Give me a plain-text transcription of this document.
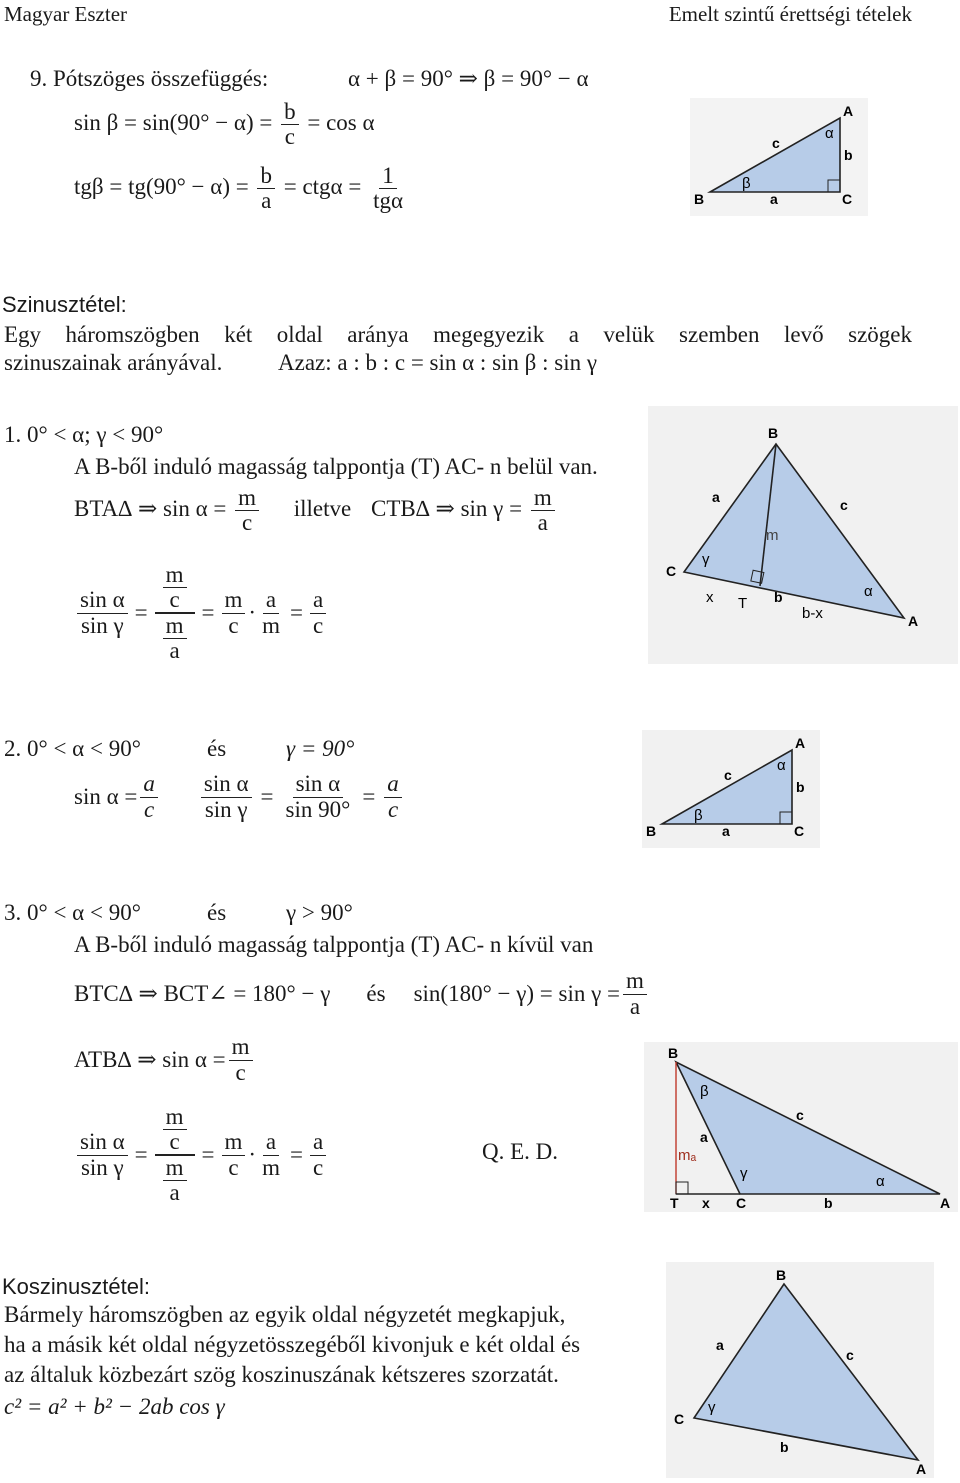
Magyar Eszter	Emelt szintű érettségi tételek
9. Pótszöges összefüggés:	α + β = 90° ⇒ β = 90° − α
$\sin \beta = \sin(90^\circ - \alpha) = \frac{b}{c} = \cos \alpha$
$tg\beta = tg(90^\circ - \alpha) = \frac{b}{a} = ctg\alpha = \frac{1}{\text{tgα}}$	B	a	C
A
b
c
α
β
Szinusztétel:
Egy háromszögben két oldal aránya megegyezik a velük szemben levő szögek
szinuszainak arányával. Azaz: a : b : c = sin α : sin β : sin γ
1. 0° < α; γ < 90°
A B-ből induló magasság talppontja (T) AC- n belül van.
BTA∆ ⇒ $\sin \alpha = \frac{m}{c}$ illetve CTB∆ ⇒ $\sin \gamma = \frac{m}{a}$
$\frac{\text{sin α}}{\text{sin γ}} = \frac{\frac{m}{c}}{\frac{m}{a}} = \frac{m}{c} \cdot \frac{a}{m} = \frac{a}{c}$
B
C
A
a	c
m
γ
α
x T b
b-x
2. 0° < α < 90°	és	γ = 90°
$\sin \alpha = \frac{a}{c} \frac{\text{sin α}}{\text{sin γ}} = \frac{\text{sin α}}{\sin 90^\circ} = \frac{a}{c}$
B	a	C
A
b
c
α
β
3. 0° < α < 90°	és	γ > 90°
A B-ből induló magasság talppontja (T) AC- n kívül van
BTC∆ ⇒ BCT∠ = 180° − γ és $\sin(180^\circ - \gamma) = \sin \gamma = \frac{m}{a}$
ATB∆ ⇒ $\sin \alpha = \frac{m}{c}$
$\frac{\text{sin α}}{\text{sin γ}} = \frac{\frac{m}{c}}{\frac{m}{a}} = \frac{m}{c} \cdot \frac{a}{m} = \frac{a}{c}$	Q. E. D.
B
T x C	b	A
c
a
mₐ
β
γ	α
Koszinusztétel:
Bármely háromszögben az egyik oldal négyzetét megkapjuk,
ha a másik két oldal négyzetösszegéből kivonjuk e két oldal és
az általuk közbezárt szög koszinuszának kétszeres szorzatát.
c² = a² + b² − 2ab cos γ
B
C
A
a
c
b
γ
